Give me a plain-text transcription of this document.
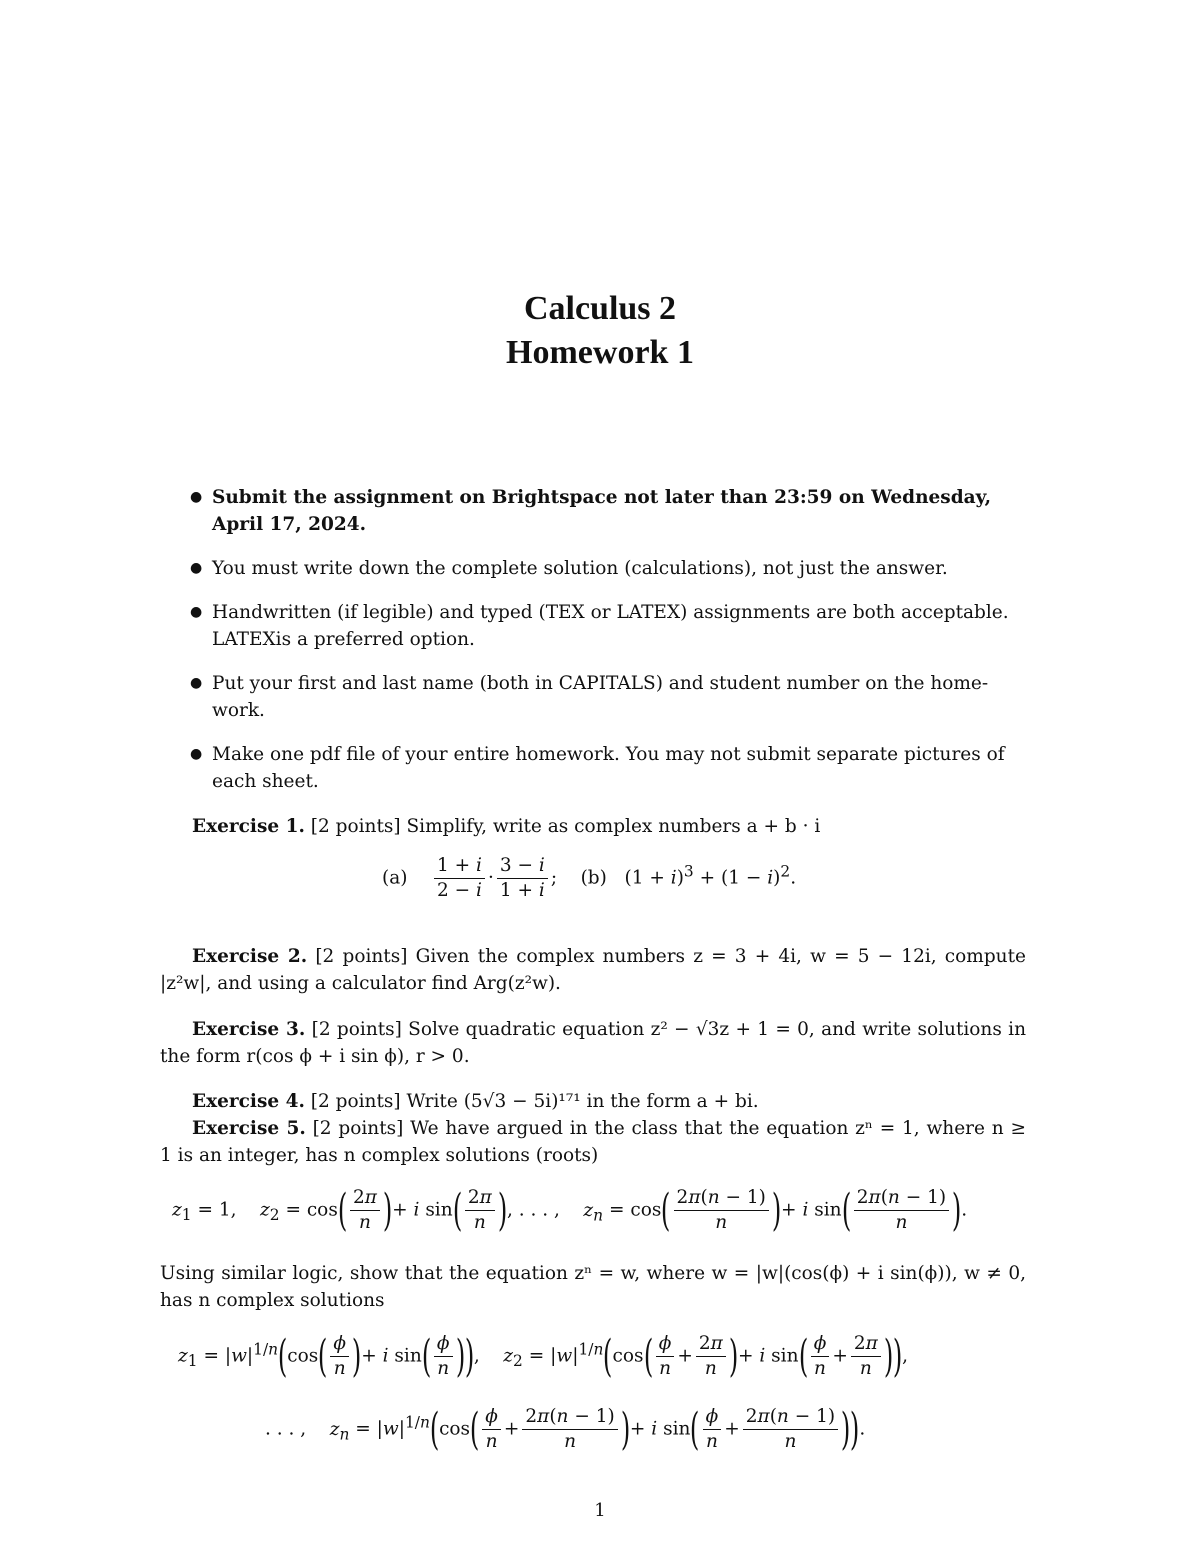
Calculus 2
Homework 1
● Submit the assignment on Brightspace not later than 23:59 on Wednesday, April 17, 2024.
● You must write down the complete solution (calculations), not just the answer.
● Handwritten (if legible) and typed (TEX or LATEX) assignments are both acceptable. LATEXis a preferred option.
● Put your first and last name (both in CAPITALS) and student number on the home-work.
● Make one pdf file of your entire homework. You may not submit separate pictures of each sheet.
Exercise 1. [2 points] Simplify, write as complex numbers a + b · i
$(a) \frac{1 + i}{2 - i} \cdot \frac{3 - i}{1 + i}$ ;    (b)   $(1 + i)^3 + (1 - i)^2$.
Exercise 2. [2 points] Given the complex numbers z = 3 + 4i, w = 5 − 12i, compute |z²w|, and using a calculator find Arg(z²w).
Exercise 3. [2 points] Solve quadratic equation z² − √3z + 1 = 0, and write solutions in the form r(cos ϕ + i sin ϕ), r > 0.
Exercise 4. [2 points] Write (5√3 − 5i)¹⁷¹ in the form a + bi.
Exercise 5. [2 points] We have argued in the class that the equation zⁿ = 1, where n ≥ 1 is an integer, has n complex solutions (roots)
$z_1 = 1$,    $z_2 = \cos( \frac{2\pi}{n}$ )+ i $\sin( \frac{2\pi}{n}$ ), . . . ,    $z_n = \cos( \frac{2\pi(n - 1)}{n}$ )+ i $\sin( \frac{2\pi(n - 1)}{n}$ ).
Using similar logic, show that the equation zⁿ = w, where w = |w|(cos(ϕ) + i sin(ϕ)), w ≠ 0, has n complex solutions
$z_1 = |w|^{1/n}(\cos( \frac{\phi}{n}$ )+ i $\sin( \frac{\phi}{n}$ )),    $z_2 = |w|^{1/n}(\cos( \frac{\phi}{n} + \frac{2\pi}{n}$ )+ i $\sin( \frac{\phi}{n} + \frac{2\pi}{n}$ )),
. . . ,    $z_n = |w|^{1/n}(\cos( \frac{\phi}{n} + \frac{2\pi(n - 1)}{n}$ )+ i $\sin( \frac{\phi}{n} + \frac{2\pi(n - 1)}{n}$ )).
1
